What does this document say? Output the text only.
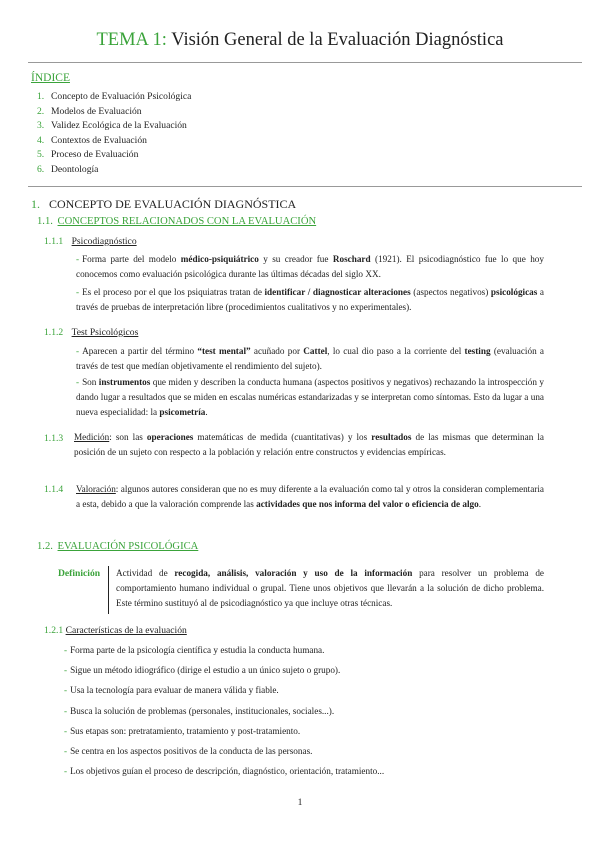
TEMA 1: Visión General de la Evaluación Diagnóstica
ÍNDICE
1. Concepto de Evaluación Psicológica
2. Modelos de Evaluación
3. Validez Ecológica de la Evaluación
4. Contextos de Evaluación
5. Proceso de Evaluación
6. Deontología
1. CONCEPTO DE EVALUACIÓN DIAGNÓSTICA
1.1. CONCEPTOS RELACIONADOS CON LA EVALUACIÓN
1.1.1 Psicodiagnóstico
- Forma parte del modelo médico-psiquiátrico y su creador fue Roschard (1921). El psicodiagnóstico fue lo que hoy conocemos como evaluación psicológica durante las últimas décadas del siglo XX.
- Es el proceso por el que los psiquiatras tratan de identificar / diagnosticar alteraciones (aspectos negativos) psicológicas a través de pruebas de interpretación libre (procedimientos cualitativos y no experimentales).
1.1.2 Test Psicológicos
- Aparecen a partir del término “test mental” acuñado por Cattel, lo cual dio paso a la corriente del testing (evaluación a través de test que medían objetivamente el rendimiento del sujeto).
- Son instrumentos que miden y describen la conducta humana (aspectos positivos y negativos) rechazando la introspección y dando lugar a resultados que se miden en escalas numéricas estandarizadas y se interpretan como síntomas. Esto da lugar a una nueva especialidad: la psicometría.
1.1.3 Medición: son las operaciones matemáticas de medida (cuantitativas) y los resultados de las mismas que determinan la posición de un sujeto con respecto a la población y relación entre constructos y evidencias empíricas.
1.1.4 Valoración: algunos autores consideran que no es muy diferente a la evaluación como tal y otros la consideran complementaria a esta, debido a que la valoración comprende las actividades que nos informa del valor o eficiencia de algo.
1.2. EVALUACIÓN PSICOLÓGICA
Definición Actividad de recogida, análisis, valoración y uso de la información para resolver un problema de comportamiento humano individual o grupal. Tiene unos objetivos que llevarán a la solución de dicho problema. Este término sustituyó al de psicodiagnóstico ya que incluye otras técnicas.
1.2.1 Características de la evaluación
- Forma parte de la psicología científica y estudia la conducta humana.
- Sigue un método idiográfico (dirige el estudio a un único sujeto o grupo).
- Usa la tecnología para evaluar de manera válida y fiable.
- Busca la solución de problemas (personales, institucionales, sociales...).
- Sus etapas son: pretratamiento, tratamiento y post-tratamiento.
- Se centra en los aspectos positivos de la conducta de las personas.
- Los objetivos guían el proceso de descripción, diagnóstico, orientación, tratamiento...
1
